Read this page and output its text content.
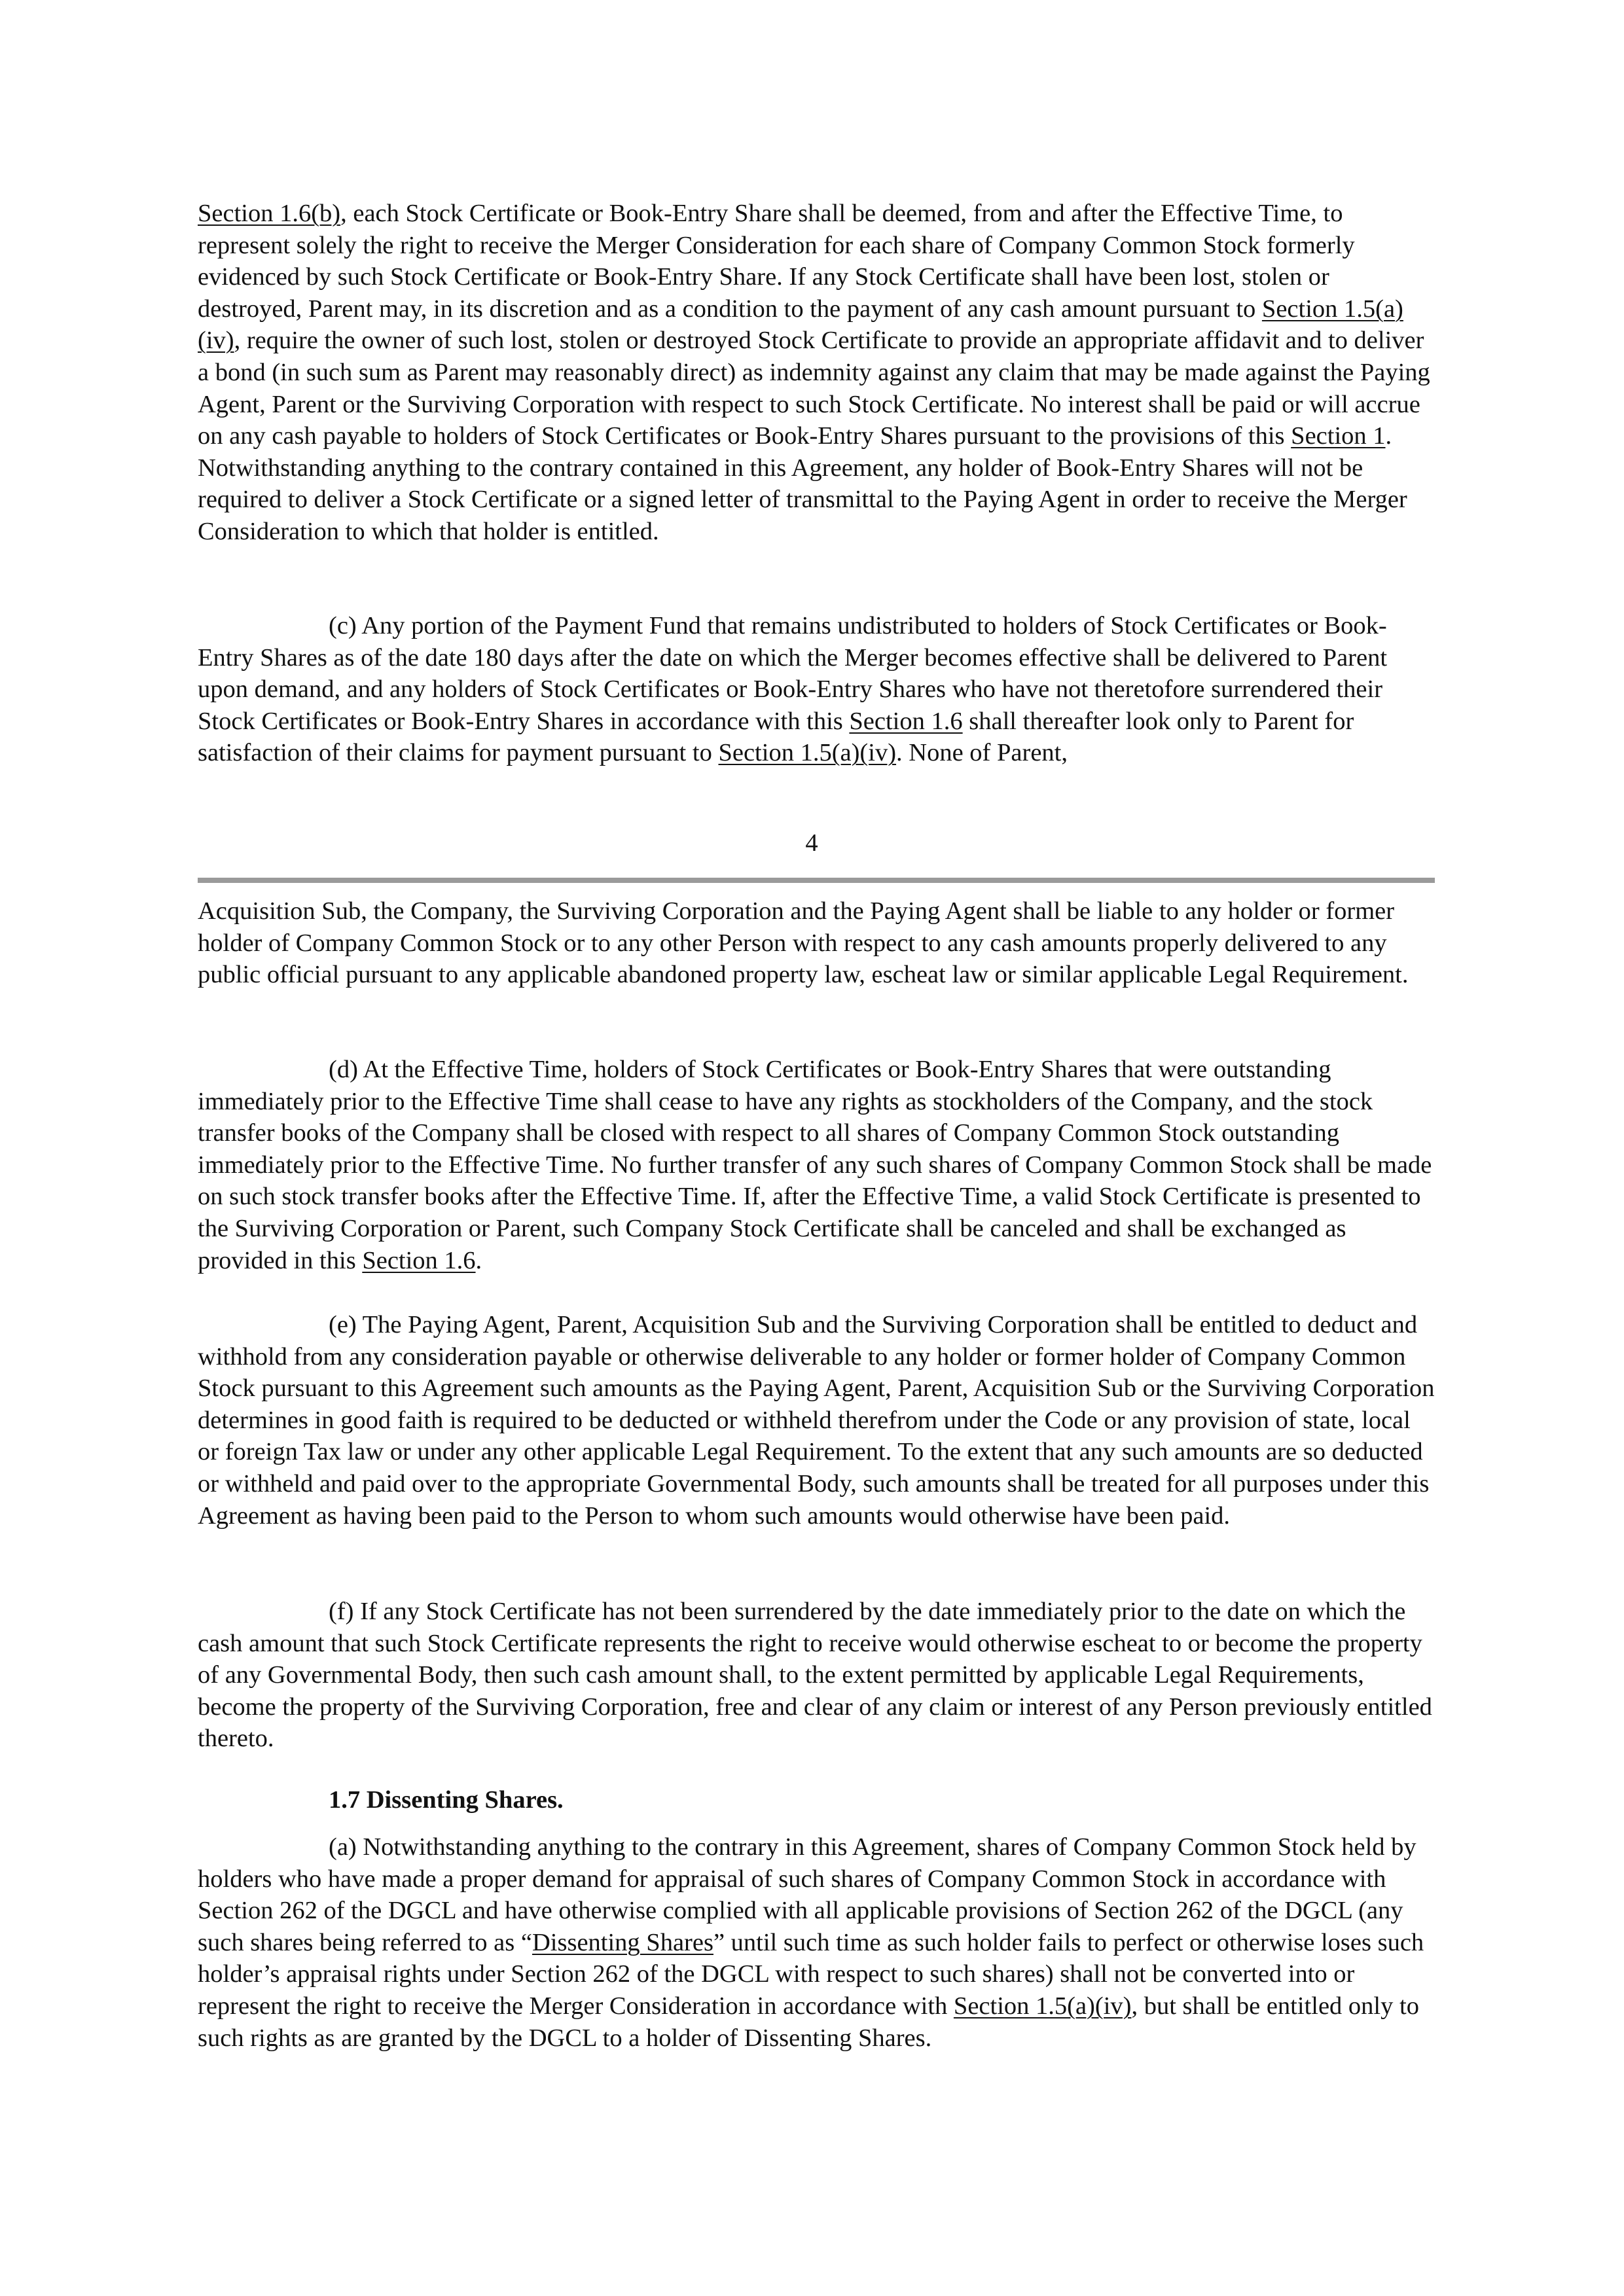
Section 1.6(b), each Stock Certificate or Book-Entry Share shall be deemed, from and after the Effective Time, to represent solely the right to receive the Merger Consideration for each share of Company Common Stock formerly evidenced by such Stock Certificate or Book-Entry Share. If any Stock Certificate shall have been lost, stolen or destroyed, Parent may, in its discretion and as a condition to the payment of any cash amount pursuant to Section 1.5(a)(iv), require the owner of such lost, stolen or destroyed Stock Certificate to provide an appropriate affidavit and to deliver a bond (in such sum as Parent may reasonably direct) as indemnity against any claim that may be made against the Paying Agent, Parent or the Surviving Corporation with respect to such Stock Certificate. No interest shall be paid or will accrue on any cash payable to holders of Stock Certificates or Book-Entry Shares pursuant to the provisions of this Section 1. Notwithstanding anything to the contrary contained in this Agreement, any holder of Book-Entry Shares will not be required to deliver a Stock Certificate or a signed letter of transmittal to the Paying Agent in order to receive the Merger Consideration to which that holder is entitled.

(c) Any portion of the Payment Fund that remains undistributed to holders of Stock Certificates or Book-Entry Shares as of the date 180 days after the date on which the Merger becomes effective shall be delivered to Parent upon demand, and any holders of Stock Certificates or Book-Entry Shares who have not theretofore surrendered their Stock Certificates or Book-Entry Shares in accordance with this Section 1.6 shall thereafter look only to Parent for satisfaction of their claims for payment pursuant to Section 1.5(a)(iv). None of Parent,

4

Acquisition Sub, the Company, the Surviving Corporation and the Paying Agent shall be liable to any holder or former holder of Company Common Stock or to any other Person with respect to any cash amounts properly delivered to any public official pursuant to any applicable abandoned property law, escheat law or similar applicable Legal Requirement.

(d) At the Effective Time, holders of Stock Certificates or Book-Entry Shares that were outstanding immediately prior to the Effective Time shall cease to have any rights as stockholders of the Company, and the stock transfer books of the Company shall be closed with respect to all shares of Company Common Stock outstanding immediately prior to the Effective Time. No further transfer of any such shares of Company Common Stock shall be made on such stock transfer books after the Effective Time. If, after the Effective Time, a valid Stock Certificate is presented to the Surviving Corporation or Parent, such Company Stock Certificate shall be canceled and shall be exchanged as provided in this Section 1.6.

(e) The Paying Agent, Parent, Acquisition Sub and the Surviving Corporation shall be entitled to deduct and withhold from any consideration payable or otherwise deliverable to any holder or former holder of Company Common Stock pursuant to this Agreement such amounts as the Paying Agent, Parent, Acquisition Sub or the Surviving Corporation determines in good faith is required to be deducted or withheld therefrom under the Code or any provision of state, local or foreign Tax law or under any other applicable Legal Requirement. To the extent that any such amounts are so deducted or withheld and paid over to the appropriate Governmental Body, such amounts shall be treated for all purposes under this Agreement as having been paid to the Person to whom such amounts would otherwise have been paid.

(f) If any Stock Certificate has not been surrendered by the date immediately prior to the date on which the cash amount that such Stock Certificate represents the right to receive would otherwise escheat to or become the property of any Governmental Body, then such cash amount shall, to the extent permitted by applicable Legal Requirements, become the property of the Surviving Corporation, free and clear of any claim or interest of any Person previously entitled thereto.

1.7 Dissenting Shares.

(a) Notwithstanding anything to the contrary in this Agreement, shares of Company Common Stock held by holders who have made a proper demand for appraisal of such shares of Company Common Stock in accordance with Section 262 of the DGCL and have otherwise complied with all applicable provisions of Section 262 of the DGCL (any such shares being referred to as “Dissenting Shares” until such time as such holder fails to perfect or otherwise loses such holder’s appraisal rights under Section 262 of the DGCL with respect to such shares) shall not be converted into or represent the right to receive the Merger Consideration in accordance with Section 1.5(a)(iv), but shall be entitled only to such rights as are granted by the DGCL to a holder of Dissenting Shares.
